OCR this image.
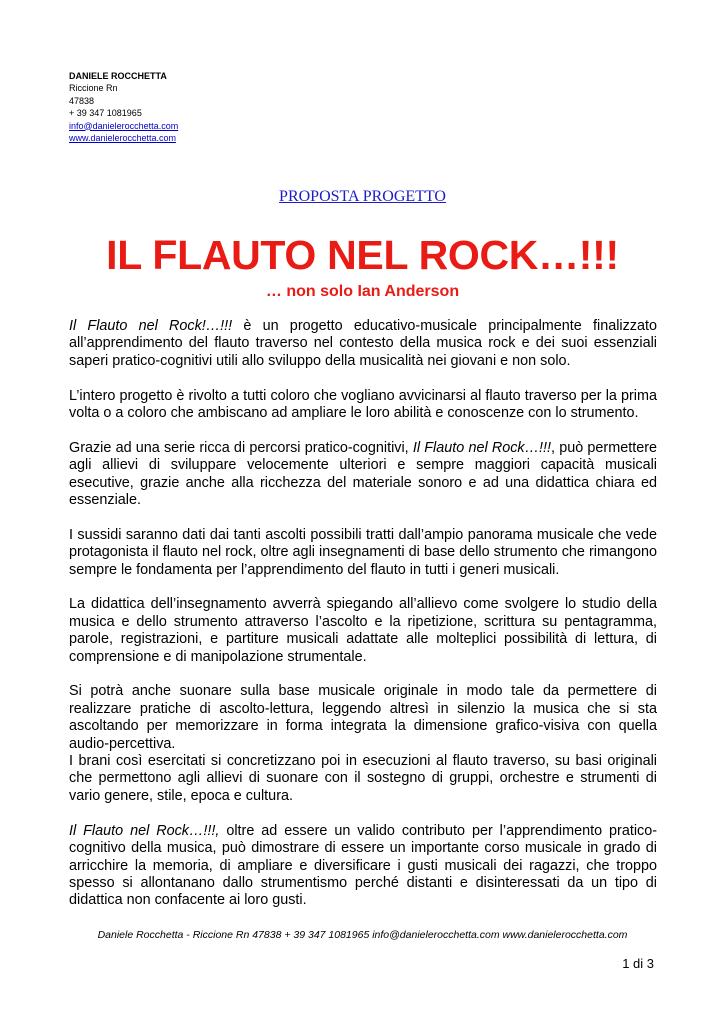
DANIELE ROCCHETTA
Riccione Rn
47838
+ 39 347 1081965
info@danielerocchetta.com
www.danielerocchetta.com
PROPOSTA PROGETTO
IL FLAUTO NEL ROCK…!!!
… non solo Ian Anderson

Il Flauto nel Rock!…!!! è un progetto educativo-musicale principalmente finalizzato all’apprendimento del flauto traverso nel contesto della musica rock e dei suoi essenziali saperi pratico-cognitivi utili allo sviluppo della musicalità nei giovani e non solo.

L’intero progetto è rivolto a tutti coloro che vogliano avvicinarsi al flauto traverso per la prima volta o a coloro che ambiscano ad ampliare le loro abilità e conoscenze con lo strumento.

Grazie ad una serie ricca di percorsi pratico-cognitivi, Il Flauto nel Rock…!!!, può permettere agli allievi di sviluppare velocemente ulteriori e sempre maggiori capacità musicali esecutive, grazie anche alla ricchezza del materiale sonoro e ad una didattica chiara ed essenziale.

I sussidi saranno dati dai tanti ascolti possibili tratti dall’ampio panorama musicale che vede protagonista il flauto nel rock, oltre agli insegnamenti di base dello strumento che rimangono sempre le fondamenta per l’apprendimento del flauto in tutti i generi musicali.

La didattica dell’insegnamento avverrà spiegando all’allievo come svolgere lo studio della musica e dello strumento attraverso l’ascolto e la ripetizione, scrittura su pentagramma, parole, registrazioni, e partiture musicali adattate alle molteplici possibilità di lettura, di comprensione e di manipolazione strumentale.

Si potrà anche suonare sulla base musicale originale in modo tale da permettere di realizzare pratiche di ascolto-lettura, leggendo altresì in silenzio la musica che si sta ascoltando per memorizzare in forma integrata la dimensione grafico-visiva con quella audio-percettiva.

I brani così esercitati si concretizzano poi in esecuzioni al flauto traverso, su basi originali che permettono agli allievi di suonare con il sostegno di gruppi, orchestre e strumenti di vario genere, stile, epoca e cultura.

Il Flauto nel Rock…!!!, oltre ad essere un valido contributo per l’apprendimento pratico-cognitivo della musica, può dimostrare di essere un importante corso musicale in grado di arricchire la memoria, di ampliare e diversificare i gusti musicali dei ragazzi, che troppo spesso si allontanano dallo strumentismo perché distanti e disinteressati da un tipo di didattica non confacente ai loro gusti.

Daniele Rocchetta - Riccione Rn 47838 + 39 347 1081965 info@danielerocchetta.com www.danielerocchetta.com
1 di 3
